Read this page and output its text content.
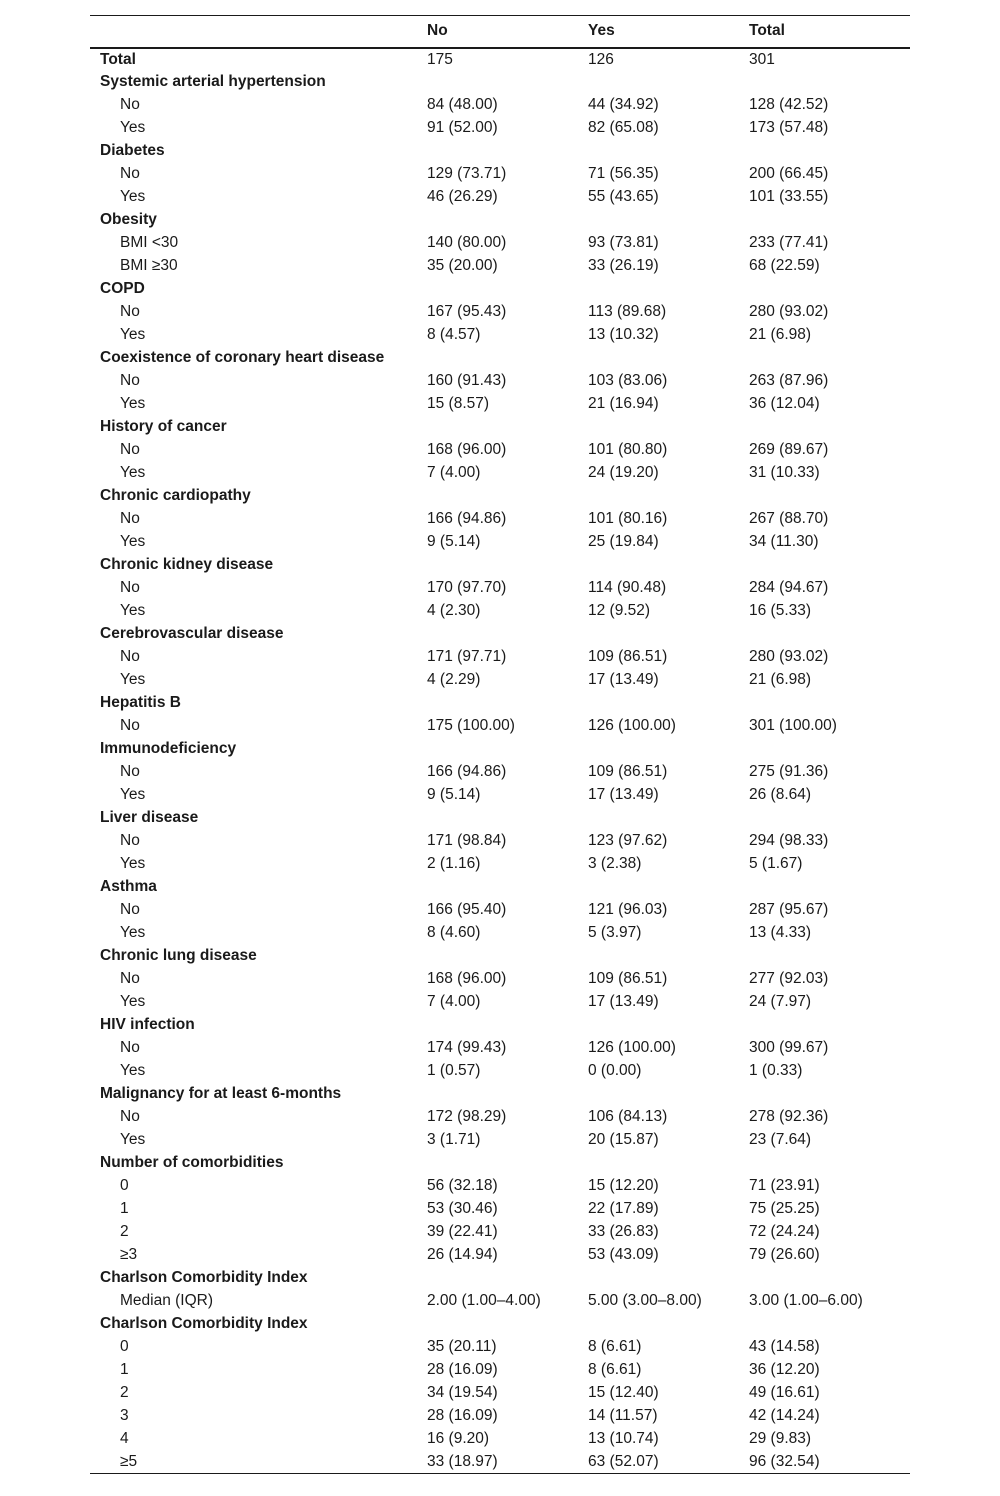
	No	Yes	Total
Total	175	126	301
Systemic arterial hypertension			
No	84 (48.00)	44 (34.92)	128 (42.52)
Yes	91 (52.00)	82 (65.08)	173 (57.48)
Diabetes			
No	129 (73.71)	71 (56.35)	200 (66.45)
Yes	46 (26.29)	55 (43.65)	101 (33.55)
Obesity			
BMI <30	140 (80.00)	93 (73.81)	233 (77.41)
BMI ≥30	35 (20.00)	33 (26.19)	68 (22.59)
COPD			
No	167 (95.43)	113 (89.68)	280 (93.02)
Yes	8 (4.57)	13 (10.32)	21 (6.98)
Coexistence of coronary heart disease			
No	160 (91.43)	103 (83.06)	263 (87.96)
Yes	15 (8.57)	21 (16.94)	36 (12.04)
History of cancer			
No	168 (96.00)	101 (80.80)	269 (89.67)
Yes	7 (4.00)	24 (19.20)	31 (10.33)
Chronic cardiopathy			
No	166 (94.86)	101 (80.16)	267 (88.70)
Yes	9 (5.14)	25 (19.84)	34 (11.30)
Chronic kidney disease			
No	170 (97.70)	114 (90.48)	284 (94.67)
Yes	4 (2.30)	12 (9.52)	16 (5.33)
Cerebrovascular disease			
No	171 (97.71)	109 (86.51)	280 (93.02)
Yes	4 (2.29)	17 (13.49)	21 (6.98)
Hepatitis B			
No	175 (100.00)	126 (100.00)	301 (100.00)
Immunodeficiency			
No	166 (94.86)	109 (86.51)	275 (91.36)
Yes	9 (5.14)	17 (13.49)	26 (8.64)
Liver disease			
No	171 (98.84)	123 (97.62)	294 (98.33)
Yes	2 (1.16)	3 (2.38)	5 (1.67)
Asthma			
No	166 (95.40)	121 (96.03)	287 (95.67)
Yes	8 (4.60)	5 (3.97)	13 (4.33)
Chronic lung disease			
No	168 (96.00)	109 (86.51)	277 (92.03)
Yes	7 (4.00)	17 (13.49)	24 (7.97)
HIV infection			
No	174 (99.43)	126 (100.00)	300 (99.67)
Yes	1 (0.57)	0 (0.00)	1 (0.33)
Malignancy for at least 6-months			
No	172 (98.29)	106 (84.13)	278 (92.36)
Yes	3 (1.71)	20 (15.87)	23 (7.64)
Number of comorbidities			
0	56 (32.18)	15 (12.20)	71 (23.91)
1	53 (30.46)	22 (17.89)	75 (25.25)
2	39 (22.41)	33 (26.83)	72 (24.24)
≥3	26 (14.94)	53 (43.09)	79 (26.60)
Charlson Comorbidity Index			
Median (IQR)	2.00 (1.00–4.00)	5.00 (3.00–8.00)	3.00 (1.00–6.00)
Charlson Comorbidity Index			
0	35 (20.11)	8 (6.61)	43 (14.58)
1	28 (16.09)	8 (6.61)	36 (12.20)
2	34 (19.54)	15 (12.40)	49 (16.61)
3	28 (16.09)	14 (11.57)	42 (14.24)
4	16 (9.20)	13 (10.74)	29 (9.83)
≥5	33 (18.97)	63 (52.07)	96 (32.54)
